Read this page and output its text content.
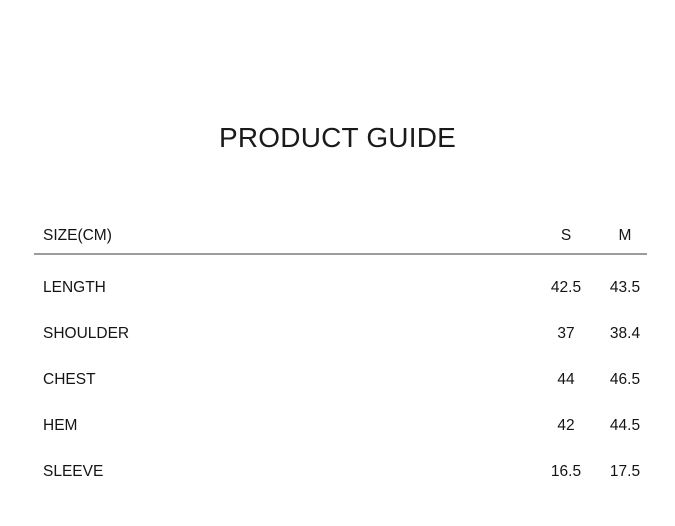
PRODUCT GUIDE
SIZE(CM)	S	M
LENGTH	42.5	43.5
SHOULDER	37	38.4
CHEST	44	46.5
HEM	42	44.5
SLEEVE	16.5	17.5
